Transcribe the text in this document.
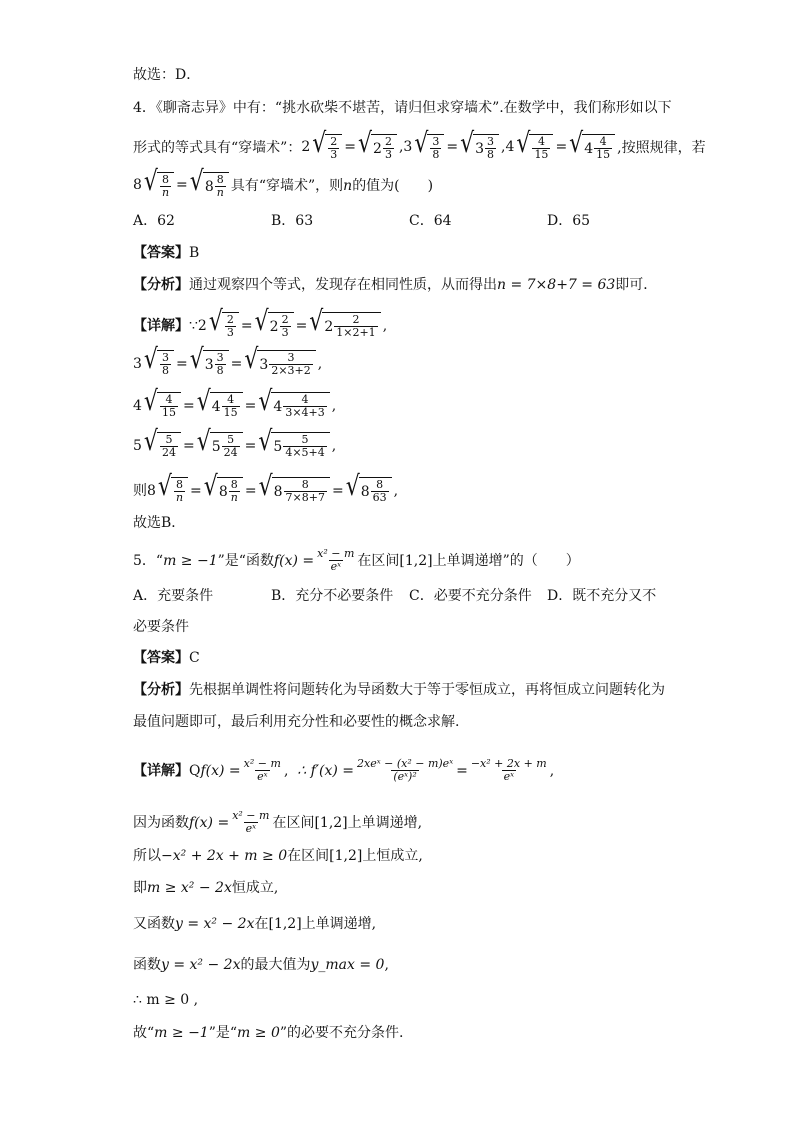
故选：D．
4．《聊斋志异》中有：“挑水砍柴不堪苦，请归但求穿墙术”.在数学中，我们称形如以下
形式的等式具有“穿墙术”： 2 √ $\frac{2}{3}$ = √ $2 \frac{2}{3} ,3$ √ $\frac{3}{8}$ = √ $3 \frac{3}{8} ,4$ √ $\frac{4}{15}$ = √ $4 \frac{4}{15}$ ,按照规律，若
8 √ $\frac{8}{n}$ = √ $8 \frac{8}{n}$ 具有“穿墙术”，则 n 的值为(　　)
A．62	B．63	C．64	D．65
【答案】 B
【分析】 通过观察四个等式，发现存在相同性质，从而得出 n = 7×8+7 = 63 即可．
【详解】 ∵ 2 √ $\frac{2}{3}$ = √ $2 \frac{2}{3}$ = √ $2 \frac{2}{1\times 2+1}$ ,
3 √ $\frac{3}{8}$ = √ $3 \frac{3}{8}$ = √ $3 \frac{3}{2\times 3+2}$ ,
4 √ $\frac{4}{15}$ = √ $4 \frac{4}{15}$ = √ $4 \frac{4}{3\times 4+3}$ ,
5 √ $\frac{5}{24}$ = √ $5 \frac{5}{24}$ = √ $5 \frac{5}{4\times 5+4}$ ,
则 8 √ $\frac{8}{n}$ = √ $8 \frac{8}{n}$ = √ $8 \frac{8}{7\times 8+7}$ = √ $8 \frac{8}{63}$ ,
故选B．
5．“ m ≥ −1 ”是“函数 $f(x) = \frac{\text{x² − m}}{\text{eˣ}}$ 在区间[1,2]上单调递增”的（　　）
A．充要条件	B．充分不必要条件	C．必要不充分条件	D．既不充分又不
必要条件
【答案】 C
【分析】 先根据单调性将问题转化为导函数大于等于零恒成立，再将恒成立问题转化为
最值问题即可，最后利用充分性和必要性的概念求解.
【详解】 Q $f(x) = \frac{\text{x² − m}}{\text{eˣ}}$ , ∴ $f'(x) = \frac{\text{2xeˣ − (x² − m)eˣ}}{\text{(eˣ)²}} = \frac{\text{−x² + 2x + m}}{\text{eˣ}}$ ,
因为函数 $f(x) = \frac{\text{x² − m}}{\text{eˣ}}$ 在区间[1,2]上单调递增,
所以 −x² + 2x + m ≥ 0 在区间[1,2]上恒成立,
即 m ≥ x² − 2x 恒成立,
又函数 y = x² − 2x 在[1,2]上单调递增,
函数 y = x² − 2x 的最大值为 y_max = 0 ,
∴ m ≥ 0 ,
故“ m ≥ −1 ”是“ m ≥ 0 ”的必要不充分条件.
